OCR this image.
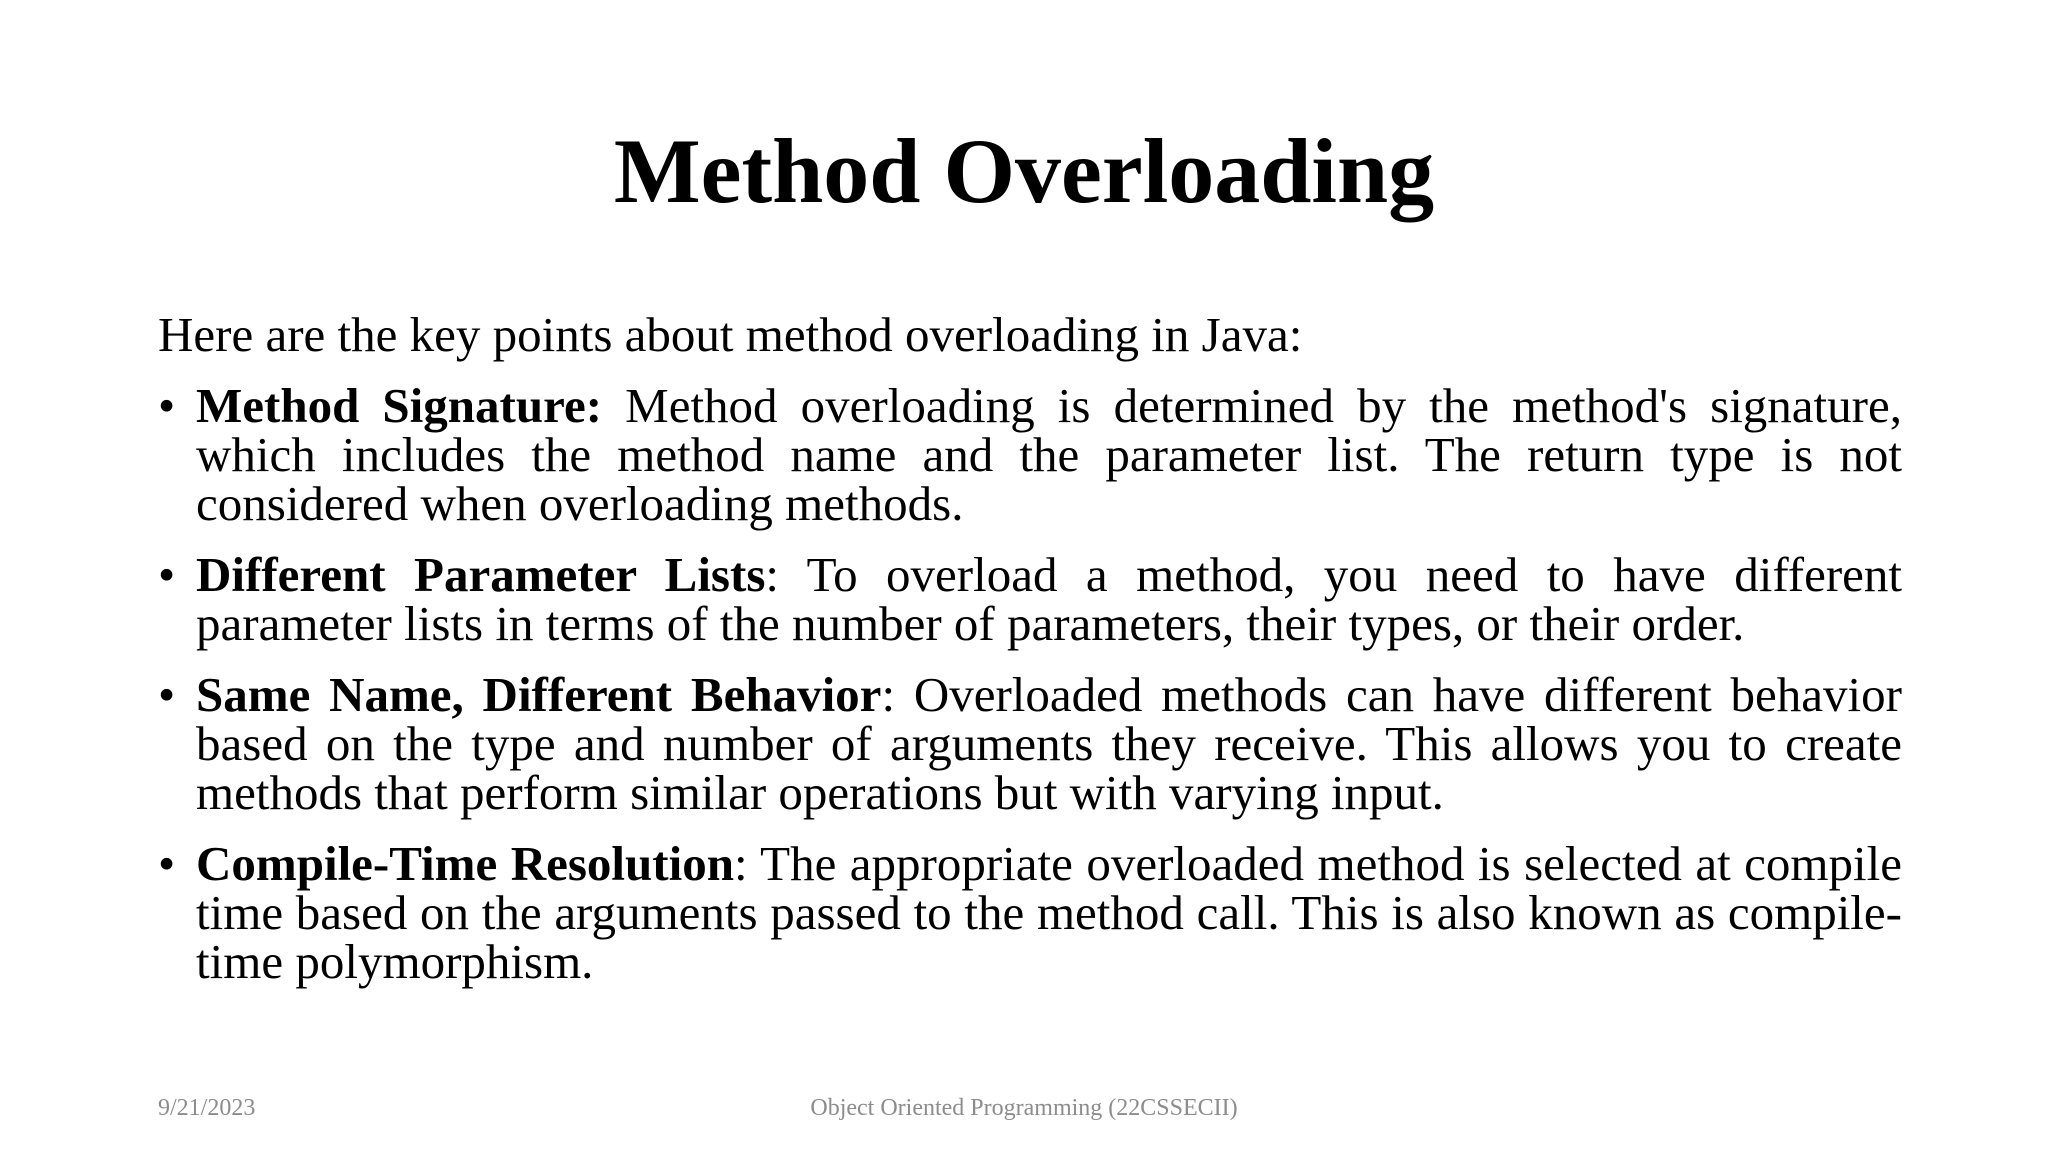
Method Overloading

Here are the key points about method overloading in Java:

• Method Signature: Method overloading is determined by the method's signature, which includes the method name and the parameter list. The return type is not considered when overloading methods.
• Different Parameter Lists: To overload a method, you need to have different parameter lists in terms of the number of parameters, their types, or their order.
• Same Name, Different Behavior: Overloaded methods can have different behavior based on the type and number of arguments they receive. This allows you to create methods that perform similar operations but with varying input.
• Compile-Time Resolution: The appropriate overloaded method is selected at compile time based on the arguments passed to the method call. This is also known as compile-time polymorphism.
9/21/2023	Object Oriented Programming (22CSSECII)
